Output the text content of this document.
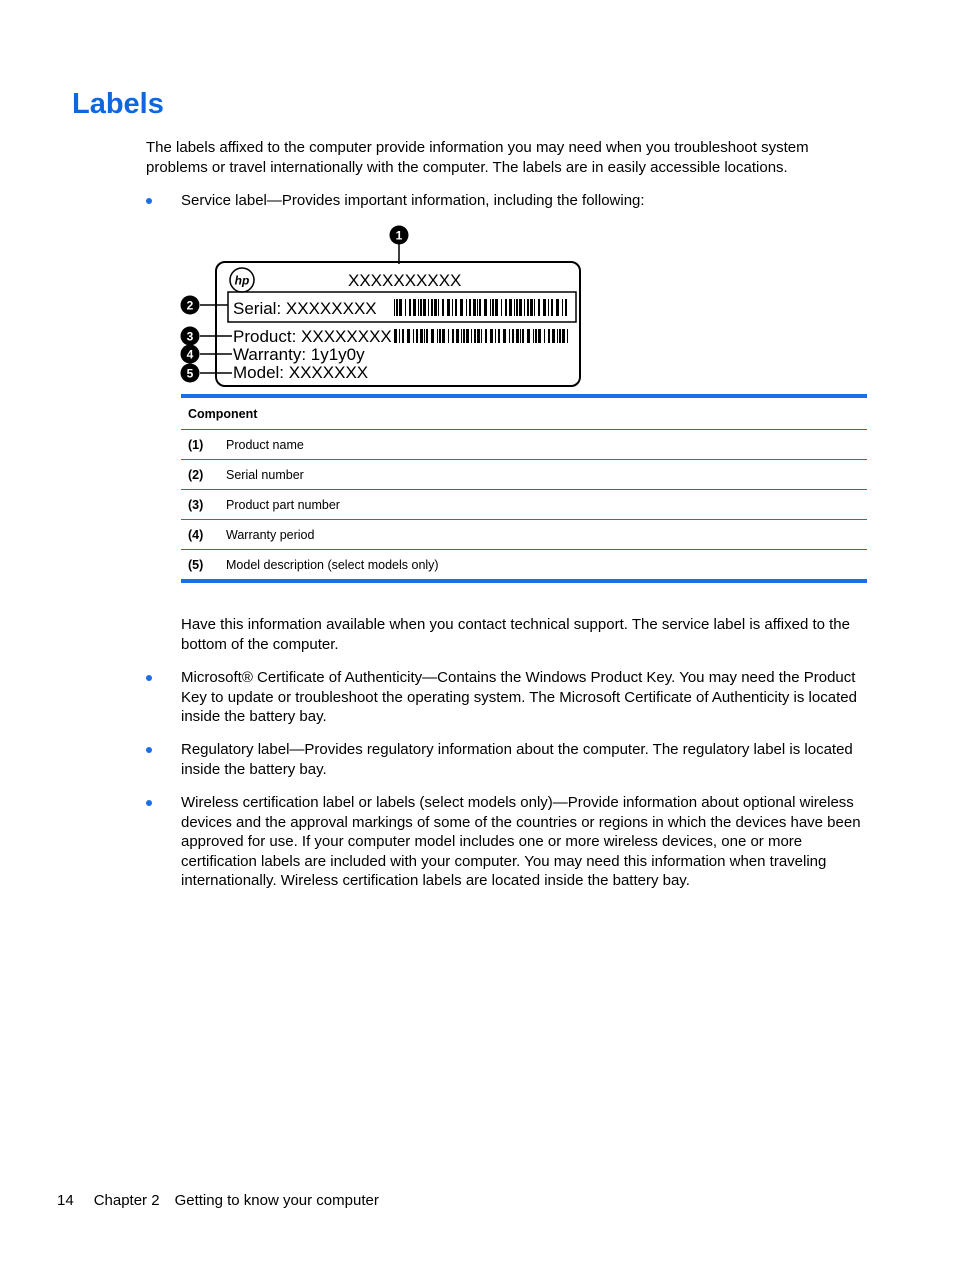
Labels

The labels affixed to the computer provide information you may need when you troubleshoot system problems or travel internationally with the computer. The labels are in easily accessible locations.

Service label—Provides important information, including the following:

hp	XXXXXXXXXX
Serial: XXXXXXXX
Product: XXXXXXXX
Warranty: 1y1y0y
Model: XXXXXXX
1
2
3
4
5
Component
(1)	Product name
(2)	Serial number
(3)	Product part number
(4)	Warranty period
(5)	Model description (select models only)

Have this information available when you contact technical support. The service label is affixed to the bottom of the computer.

Microsoft® Certificate of Authenticity—Contains the Windows Product Key. You may need the Product Key to update or troubleshoot the operating system. The Microsoft Certificate of Authenticity is located inside the battery bay.

Regulatory label—Provides regulatory information about the computer. The regulatory label is located inside the battery bay.

Wireless certification label or labels (select models only)—Provide information about optional wireless devices and the approval markings of some of the countries or regions in which the devices have been approved for use. If your computer model includes one or more wireless devices, one or more certification labels are included with your computer. You may need this information when traveling internationally. Wireless certification labels are located inside the battery bay.

14 Chapter 2 Getting to know your computer
